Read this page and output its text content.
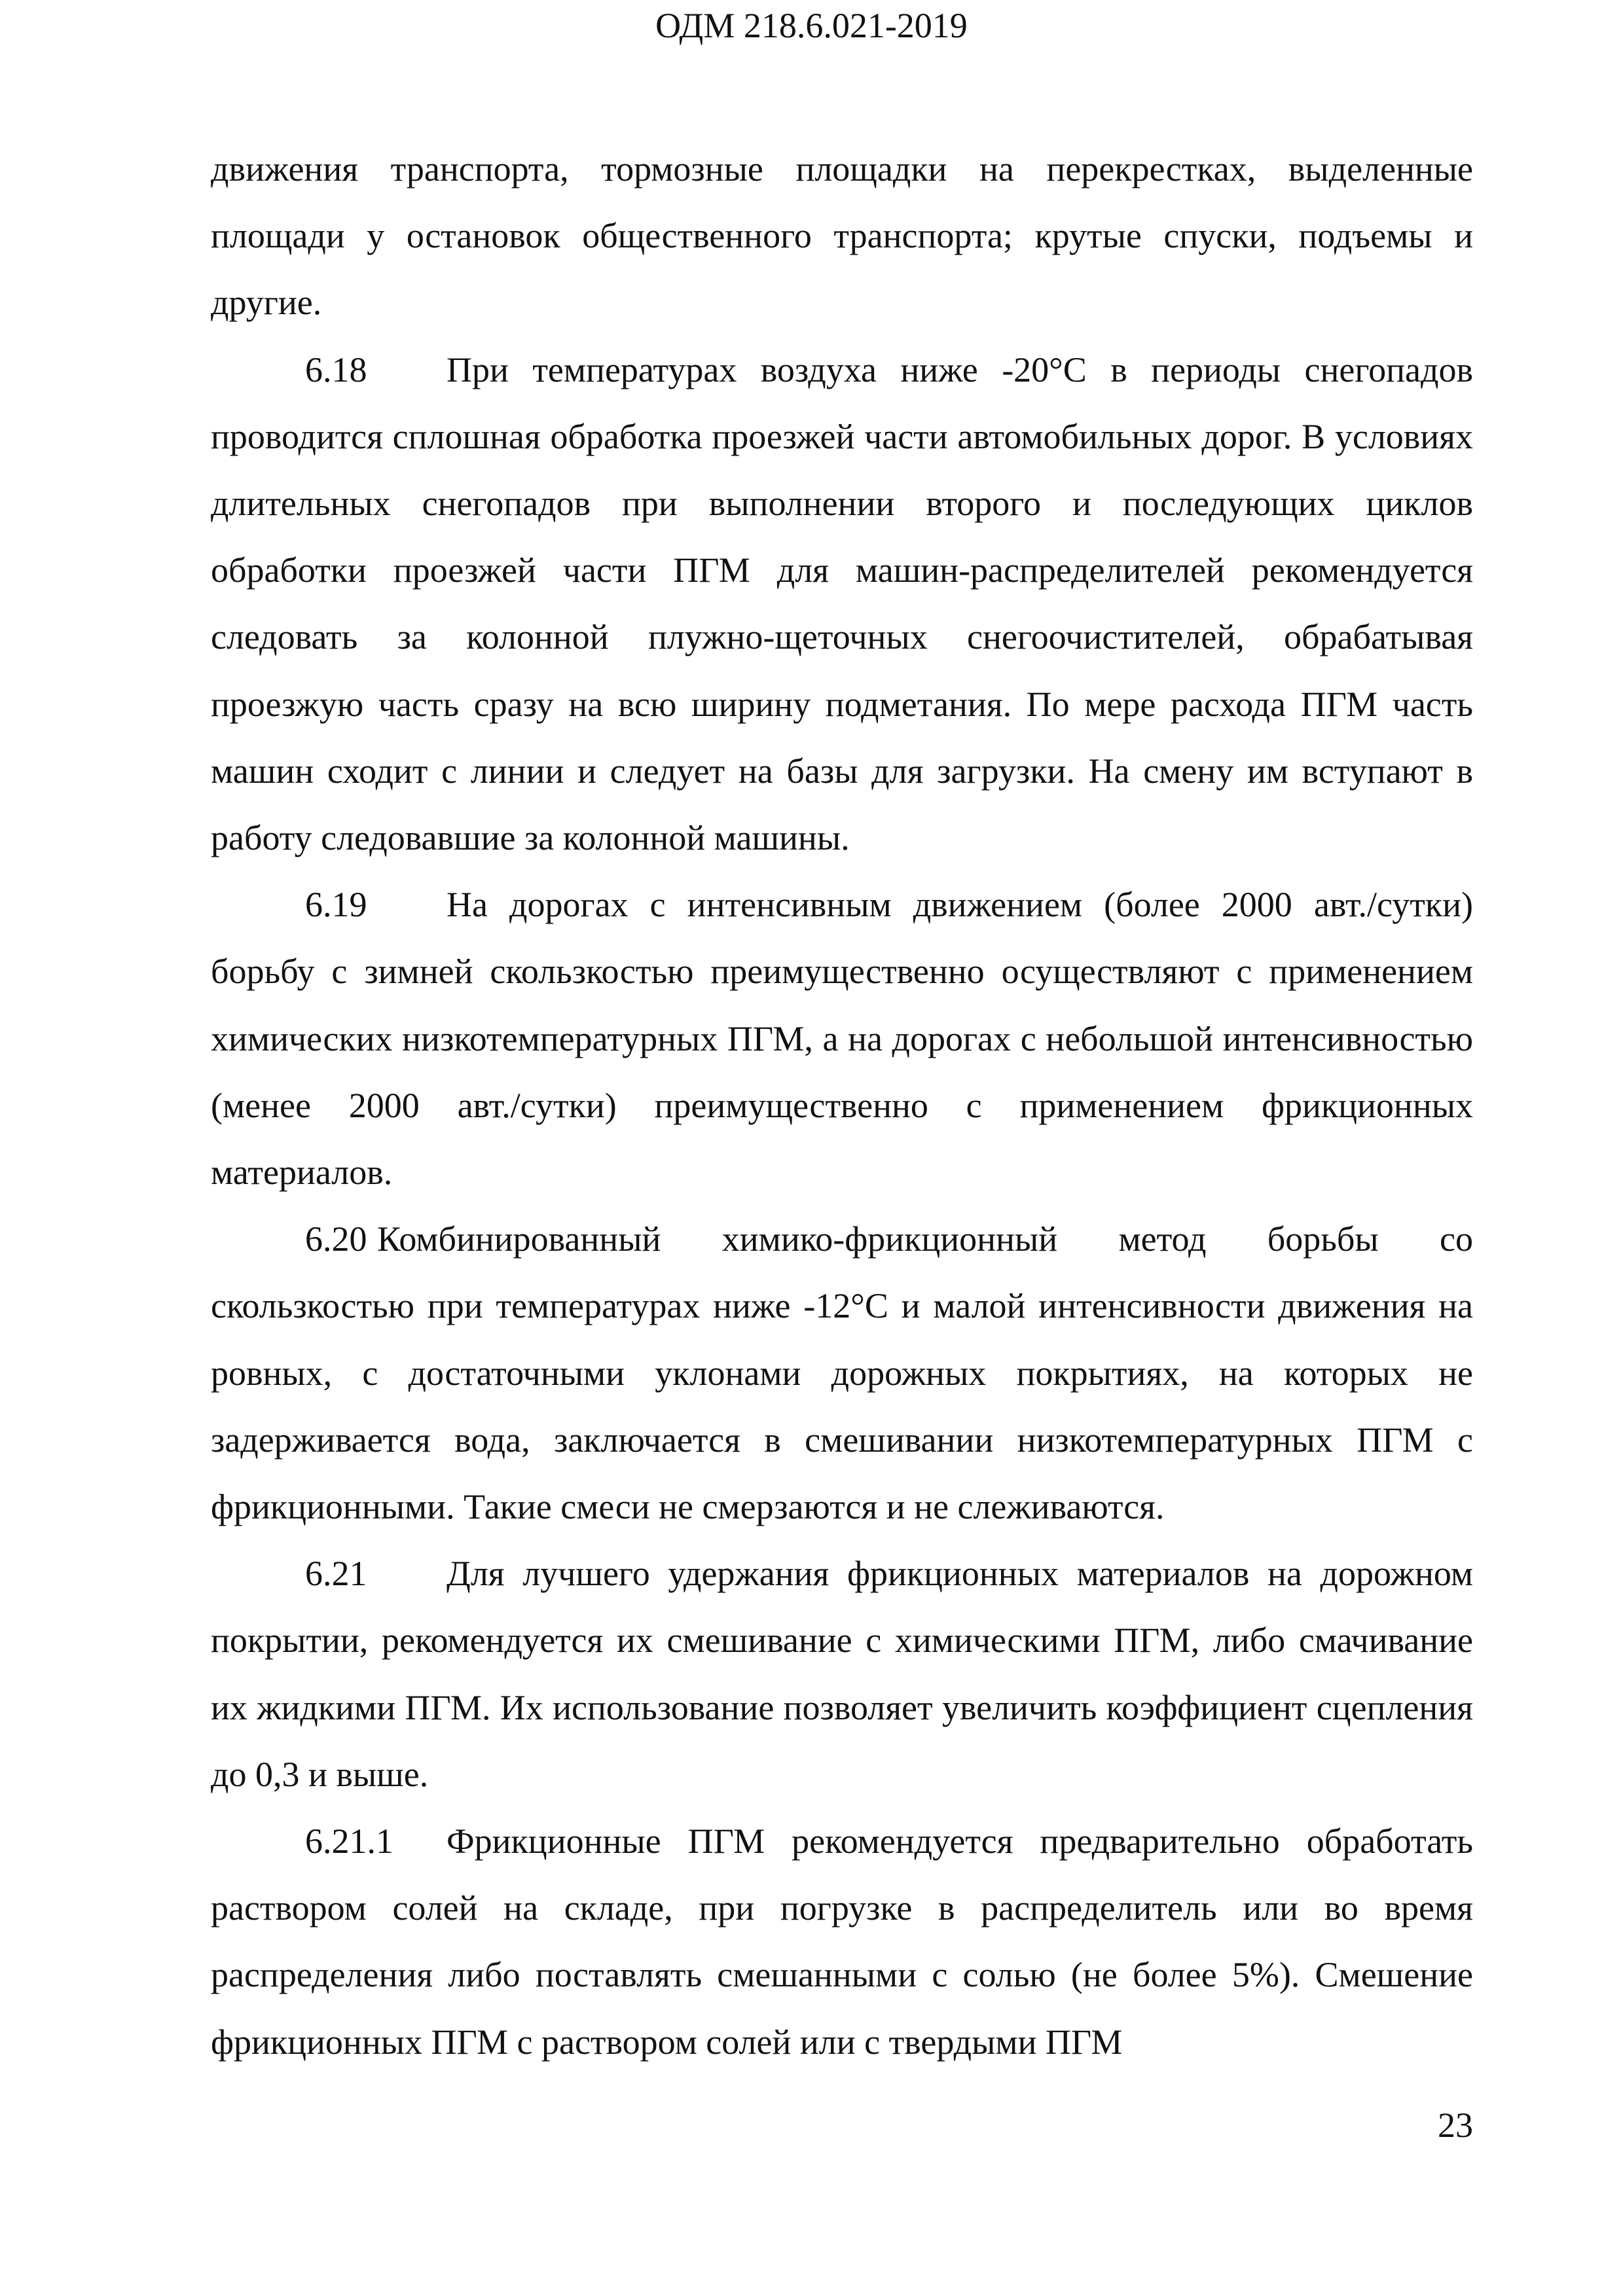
ОДМ 218.6.021-2019

движения транспорта, тормозные площадки на перекрестках, выделенные площади у остановок общественного транспорта; крутые спуски, подъемы и другие.

6.18 При температурах воздуха ниже -20°С в периоды снегопадов проводится сплошная обработка проезжей части автомобильных дорог. В условиях длительных снегопадов при выполнении второго и последующих циклов обработки проезжей части ПГМ для машин-распределителей рекомендуется следовать за колонной плужно-щеточных снегоочистителей, обрабатывая проезжую часть сразу на всю ширину подметания. По мере расхода ПГМ часть машин сходит с линии и следует на базы для загрузки. На смену им вступают в работу следовавшие за колонной машины.

6.19 На дорогах с интенсивным движением (более 2000 авт./сутки) борьбу с зимней скользкостью преимущественно осуществляют с применением химических низкотемпературных ПГМ, а на дорогах с небольшой интенсивностью (менее 2000 авт./сутки) преимущественно с применением фрикционных материалов.

6.20 Комбинированный химико-фрикционный метод борьбы со скользкостью при температурах ниже -12°С и малой интенсивности движения на ровных, с достаточными уклонами дорожных покрытиях, на которых не задерживается вода, заключается в смешивании низкотемпературных ПГМ с фрикционными. Такие смеси не смерзаются и не слеживаются.

6.21 Для лучшего удержания фрикционных материалов на дорожном покрытии, рекомендуется их смешивание с химическими ПГМ, либо смачивание их жидкими ПГМ. Их использование позволяет увеличить коэффициент сцепления до 0,3 и выше.

6.21.1 Фрикционные ПГМ рекомендуется предварительно обработать раствором солей на складе, при погрузке в распределитель или во время распределения либо поставлять смешанными с солью (не более 5%). Смешение фрикционных ПГМ с раствором солей или с твердыми ПГМ

23
